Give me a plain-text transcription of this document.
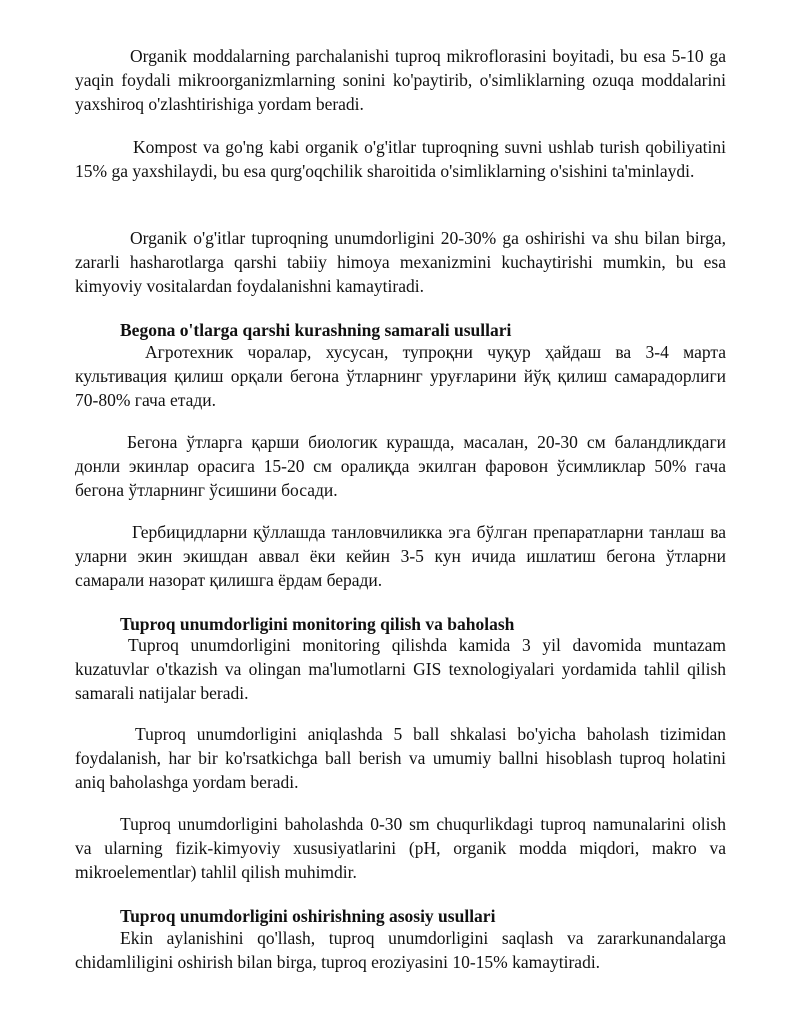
Organik moddalarning parchalanishi tuproq mikroflorasini boyitadi, bu esa 5-10 ga yaqin foydali mikroorganizmlarning sonini ko'paytirib, o'simliklarning ozuqa moddalarini yaxshiroq o'zlashtirishiga yordam beradi.

Kompost va go'ng kabi organik o'g'itlar tuproqning suvni ushlab turish qobiliyatini 15% ga yaxshilaydi, bu esa qurg'oqchilik sharoitida o'simliklarning o'sishini ta'minlaydi.

Organik o'g'itlar tuproqning unumdorligini 20-30% ga oshirishi va shu bilan birga, zararli hasharotlarga qarshi tabiiy himoya mexanizmini kuchaytirishi mumkin, bu esa kimyoviy vositalardan foydalanishni kamaytiradi.

Begona o'tlarga qarshi kurashning samarali usullari

Агротехник чоралар, хусусан, тупроқни чуқур ҳайдаш ва 3-4 марта культивация қилиш орқали бегона ўтларнинг уруғларини йўқ қилиш самарадорлиги 70-80% гача етади.

Бегона ўтларга қарши биологик курашда, масалан, 20-30 см баландликдаги донли экинлар орасига 15-20 см оралиқда экилган фаровон ўсимликлар 50% гача бегона ўтларнинг ўсишини босади.

Гербицидларни қўллашда танловчиликка эга бўлган препаратларни танлаш ва уларни экин экишдан аввал ёки кейин 3-5 кун ичида ишлатиш бегона ўтларни самарали назорат қилишга ёрдам беради.

Tuproq unumdorligini monitoring qilish va baholash

Tuproq unumdorligini monitoring qilishda kamida 3 yil davomida muntazam kuzatuvlar o'tkazish va olingan ma'lumotlarni GIS texnologiyalari yordamida tahlil qilish samarali natijalar beradi.

Tuproq unumdorligini aniqlashda 5 ball shkalasi bo'yicha baholash tizimidan foydalanish, har bir ko'rsatkichga ball berish va umumiy ballni hisoblash tuproq holatini aniq baholashga yordam beradi.

Tuproq unumdorligini baholashda 0-30 sm chuqurlikdagi tuproq namunalarini olish va ularning fizik-kimyoviy xususiyatlarini (pH, organik modda miqdori, makro va mikroelementlar) tahlil qilish muhimdir.

Tuproq unumdorligini oshirishning asosiy usullari

Ekin aylanishini qo'llash, tuproq unumdorligini saqlash va zararkunandalarga chidamliligini oshirish bilan birga, tuproq eroziyasini 10-15% kamaytiradi.
